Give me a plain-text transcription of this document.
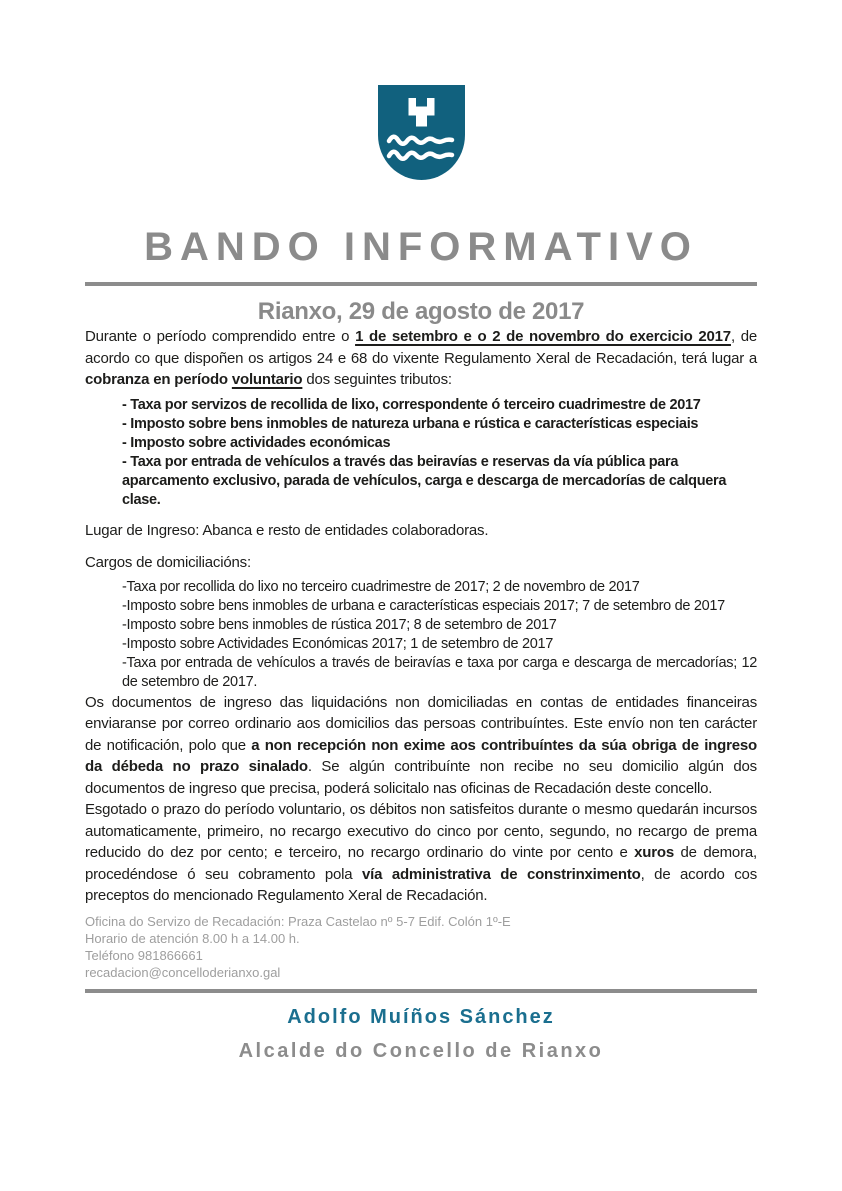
BANDO INFORMATIVO
Rianxo, 29 de agosto de 2017

Durante o período comprendido entre o 1 de setembro e o 2 de novembro do exercicio 2017, de acordo co que dispoñen os artigos 24 e 68 do vixente Regulamento Xeral de Recadación, terá lugar a cobranza en período voluntario dos seguintes tributos:

- Taxa por servizos de recollida de lixo, correspondente ó terceiro cuadrimestre de 2017
- Imposto sobre bens inmobles de natureza urbana e rústica e características especiais
- Imposto sobre actividades económicas
- Taxa por entrada de vehículos a través das beiravías e reservas da vía pública para aparcamento exclusivo, parada de vehículos, carga e descarga de mercadorías de calquera clase.
Lugar de Ingreso: Abanca e resto de entidades colaboradoras.
Cargos de domiciliacións:
-Taxa por recollida do lixo no terceiro cuadrimestre de 2017; 2 de novembro de 2017
-Imposto sobre bens inmobles de urbana e características especiais 2017; 7 de setembro de 2017
-Imposto sobre bens inmobles de rústica 2017; 8 de setembro de 2017
-Imposto sobre Actividades Económicas 2017; 1 de setembro de 2017
-Taxa por entrada de vehículos a través de beiravías e taxa por carga e descarga de mercadorías; 12 de setembro de 2017.

Os documentos de ingreso das liquidacións non domiciliadas en contas de entidades financeiras enviaranse por correo ordinario aos domicilios das persoas contribuíntes. Este envío non ten carácter de notificación, polo que a non recepción non exime aos contribuíntes da súa obriga de ingreso da débeda no prazo sinalado. Se algún contribuínte non recibe no seu domicilio algún dos documentos de ingreso que precisa, poderá solicitalo nas oficinas de Recadación deste concello.

Esgotado o prazo do período voluntario, os débitos non satisfeitos durante o mesmo quedarán incursos automaticamente, primeiro, no recargo executivo do cinco por cento, segundo, no recargo de prema reducido do dez por cento; e terceiro, no recargo ordinario do vinte por cento e xuros de demora, procedéndose ó seu cobramento pola vía administrativa de constrinximento, de acordo cos preceptos do mencionado Regulamento Xeral de Recadación.

Oficina do Servizo de Recadación: Praza Castelao nº 5-7 Edif. Colón 1º-E
Horario de atención 8.00 h a 14.00 h.
Teléfono 981866661
recadacion@concelloderianxo.gal
Adolfo Muíños Sánchez
Alcalde do Concello de Rianxo
